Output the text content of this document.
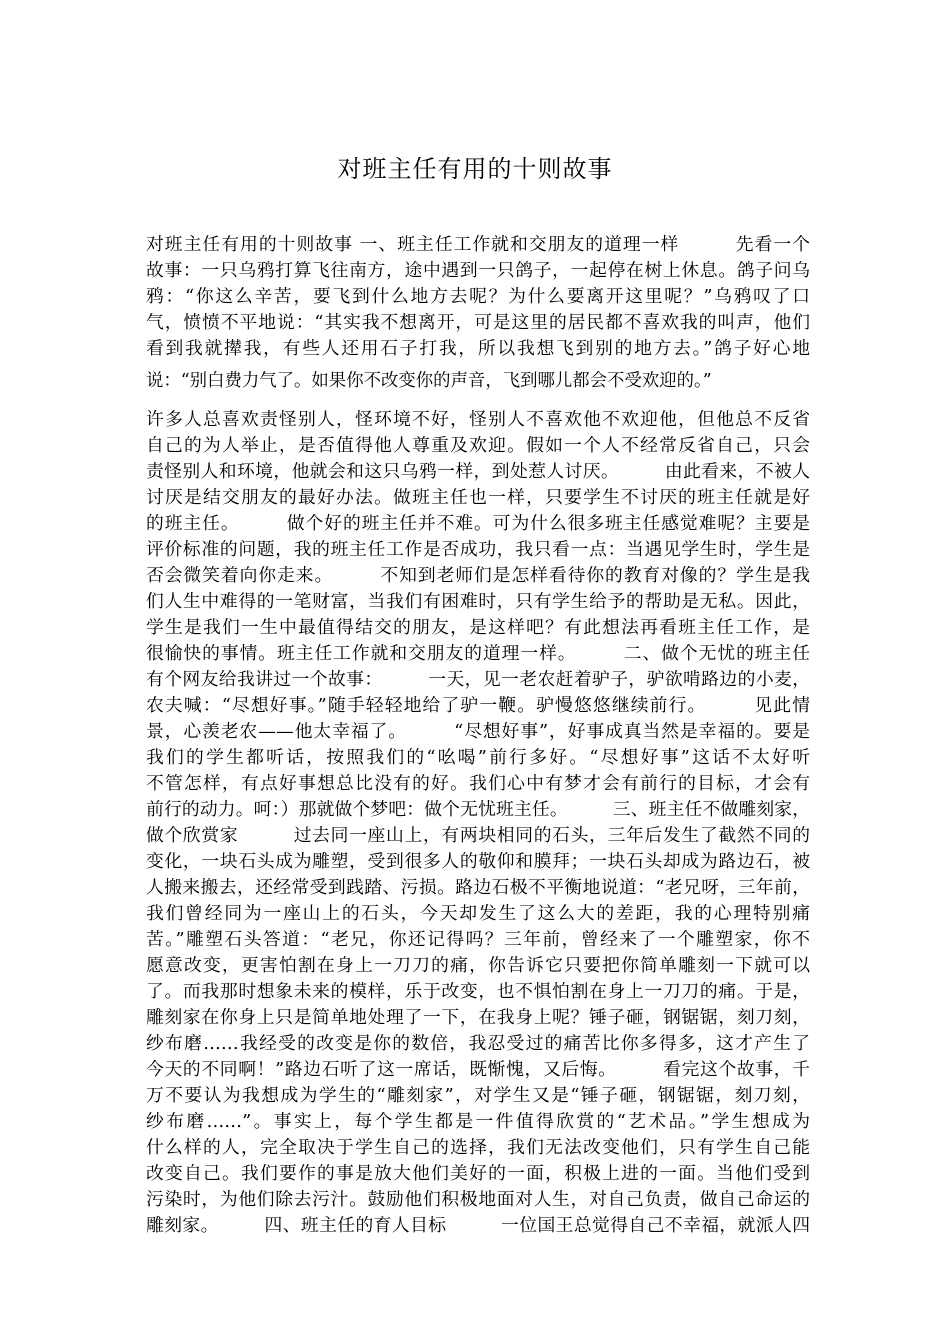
对班主任有用的十则故事
对班主任有用的十则故事 一、班主任工作就和交朋友的道理一样　　　先看一个
故事：一只乌鸦打算飞往南方，途中遇到一只鸽子，一起停在树上休息。鸽子问乌
鸦：“你这么辛苦，要飞到什么地方去呢？为什么要离开这里呢？”乌鸦叹了口
气，愤愤不平地说：“其实我不想离开，可是这里的居民都不喜欢我的叫声，他们
看到我就撵我，有些人还用石子打我，所以我想飞到别的地方去。”鸽子好心地
说：“别白费力气了。如果你不改变你的声音，飞到哪儿都会不受欢迎的。”
许多人总喜欢责怪别人，怪环境不好，怪别人不喜欢他不欢迎他，但他总不反省
自己的为人举止，是否值得他人尊重及欢迎。假如一个人不经常反省自己，只会
责怪别人和环境，他就会和这只乌鸦一样，到处惹人讨厌。　　　由此看来，不被人
讨厌是结交朋友的最好办法。做班主任也一样，只要学生不讨厌的班主任就是好
的班主任。　　　做个好的班主任并不难。可为什么很多班主任感觉难呢？主要是
评价标准的问题，我的班主任工作是否成功，我只看一点：当遇见学生时，学生是
否会微笑着向你走来。　　　不知到老师们是怎样看待你的教育对像的？学生是我
们人生中难得的一笔财富，当我们有困难时，只有学生给予的帮助是无私。因此，
学生是我们一生中最值得结交的朋友，是这样吧？有此想法再看班主任工作，是
很愉快的事情。班主任工作就和交朋友的道理一样。　　　二、做个无忧的班主任
有个网友给我讲过一个故事：　　　一天，见一老农赶着驴子，驴欲啃路边的小麦，
农夫喊：“尽想好事。”随手轻轻地给了驴一鞭。驴慢悠悠继续前行。　　　见此情
景，心羡老农——他太幸福了。　　　“尽想好事”，好事成真当然是幸福的。要是
我们的学生都听话，按照我们的“吆喝”前行多好。“尽想好事”这话不太好听
不管怎样，有点好事想总比没有的好。我们心中有梦才会有前行的目标，才会有
前行的动力。呵：）那就做个梦吧：做个无忧班主任。　　　三、班主任不做雕刻家，
做个欣赏家　　　过去同一座山上，有两块相同的石头，三年后发生了截然不同的
变化，一块石头成为雕塑，受到很多人的敬仰和膜拜；一块石头却成为路边石，被
人搬来搬去，还经常受到践踏、污损。路边石极不平衡地说道：“老兄呀，三年前，
我们曾经同为一座山上的石头，今天却发生了这么大的差距，我的心理特别痛
苦。”雕塑石头答道：“老兄，你还记得吗？三年前，曾经来了一个雕塑家，你不
愿意改变，更害怕割在身上一刀刀的痛，你告诉它只要把你简单雕刻一下就可以
了。而我那时想象未来的模样，乐于改变，也不惧怕割在身上一刀刀的痛。于是，
雕刻家在你身上只是简单地处理了一下，在我身上呢？锤子砸，钢锯锯，刻刀刻，
纱布磨……我经受的改变是你的数倍，我忍受过的痛苦比你多得多，这才产生了
今天的不同啊！”路边石听了这一席话，既惭愧，又后悔。　　　看完这个故事，千
万不要认为我想成为学生的“雕刻家”，对学生又是“锤子砸，钢锯锯，刻刀刻，
纱布磨……”。事实上，每个学生都是一件值得欣赏的“艺术品。”学生想成为
什么样的人，完全取决于学生自己的选择，我们无法改变他们，只有学生自己能
改变自己。我们要作的事是放大他们美好的一面，积极上进的一面。当他们受到
污染时，为他们除去污汁。鼓励他们积极地面对人生，对自己负责，做自己命运的
雕刻家。　　　四、班主任的育人目标　　　一位国王总觉得自己不幸福，就派人四
